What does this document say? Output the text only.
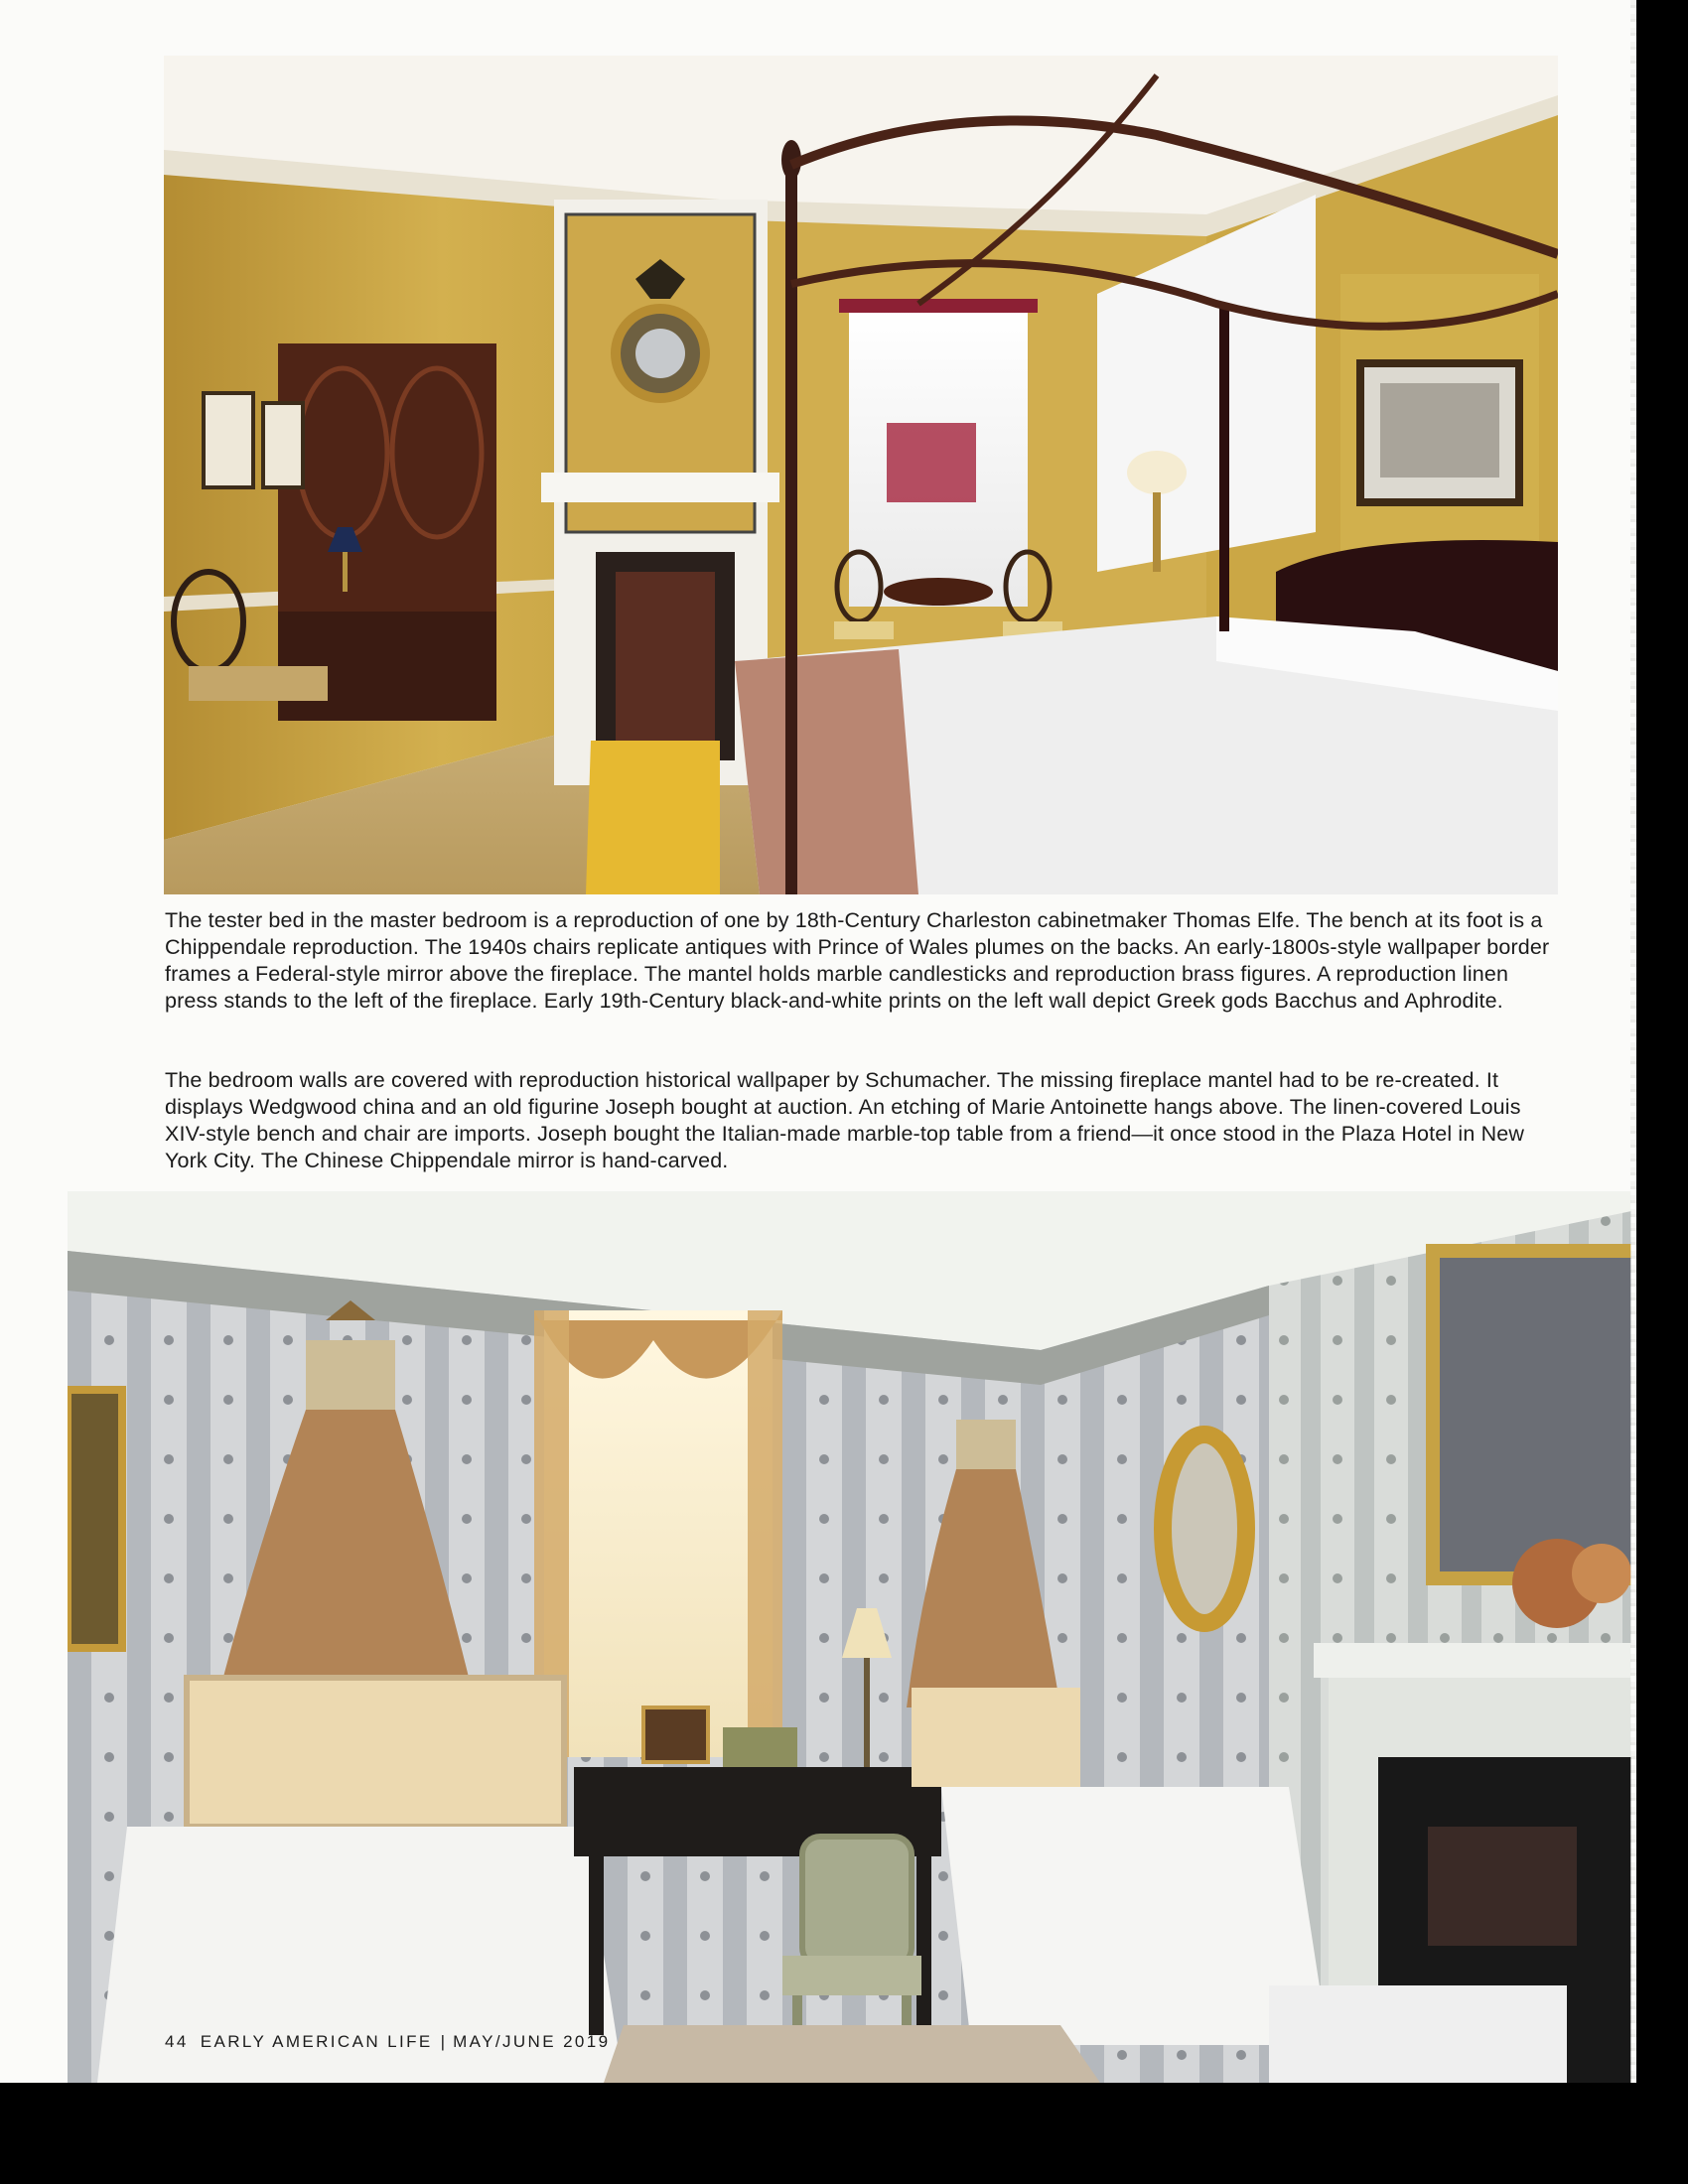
The tester bed in the master bedroom is a reproduction of one by 18th-Century Charleston cabinetmaker Thomas Elfe. The bench at its foot is a Chippendale reproduction. The 1940s chairs replicate antiques with Prince of Wales plumes on the backs. An early-1800s-style wallpaper border frames a Federal-style mirror above the fireplace. The mantel holds marble candlesticks and reproduction brass figures. A reproduction linen press stands to the left of the fireplace. Early 19th-Century black-and-white prints on the left wall depict Greek gods Bacchus and Aphrodite.

The bedroom walls are covered with reproduction historical wallpaper by Schumacher. The missing fireplace mantel had to be re-created. It displays Wedgwood china and an old figurine Joseph bought at auction. An etching of Marie Antoinette hangs above. The linen-covered Louis XIV-style bench and chair are imports. Joseph bought the Italian-made marble-top table from a friend—it once stood in the Plaza Hotel in New York City. The Chinese Chippendale mirror is hand-carved.

44 EARLY AMERICAN LIFE | MAY/JUNE 2019
